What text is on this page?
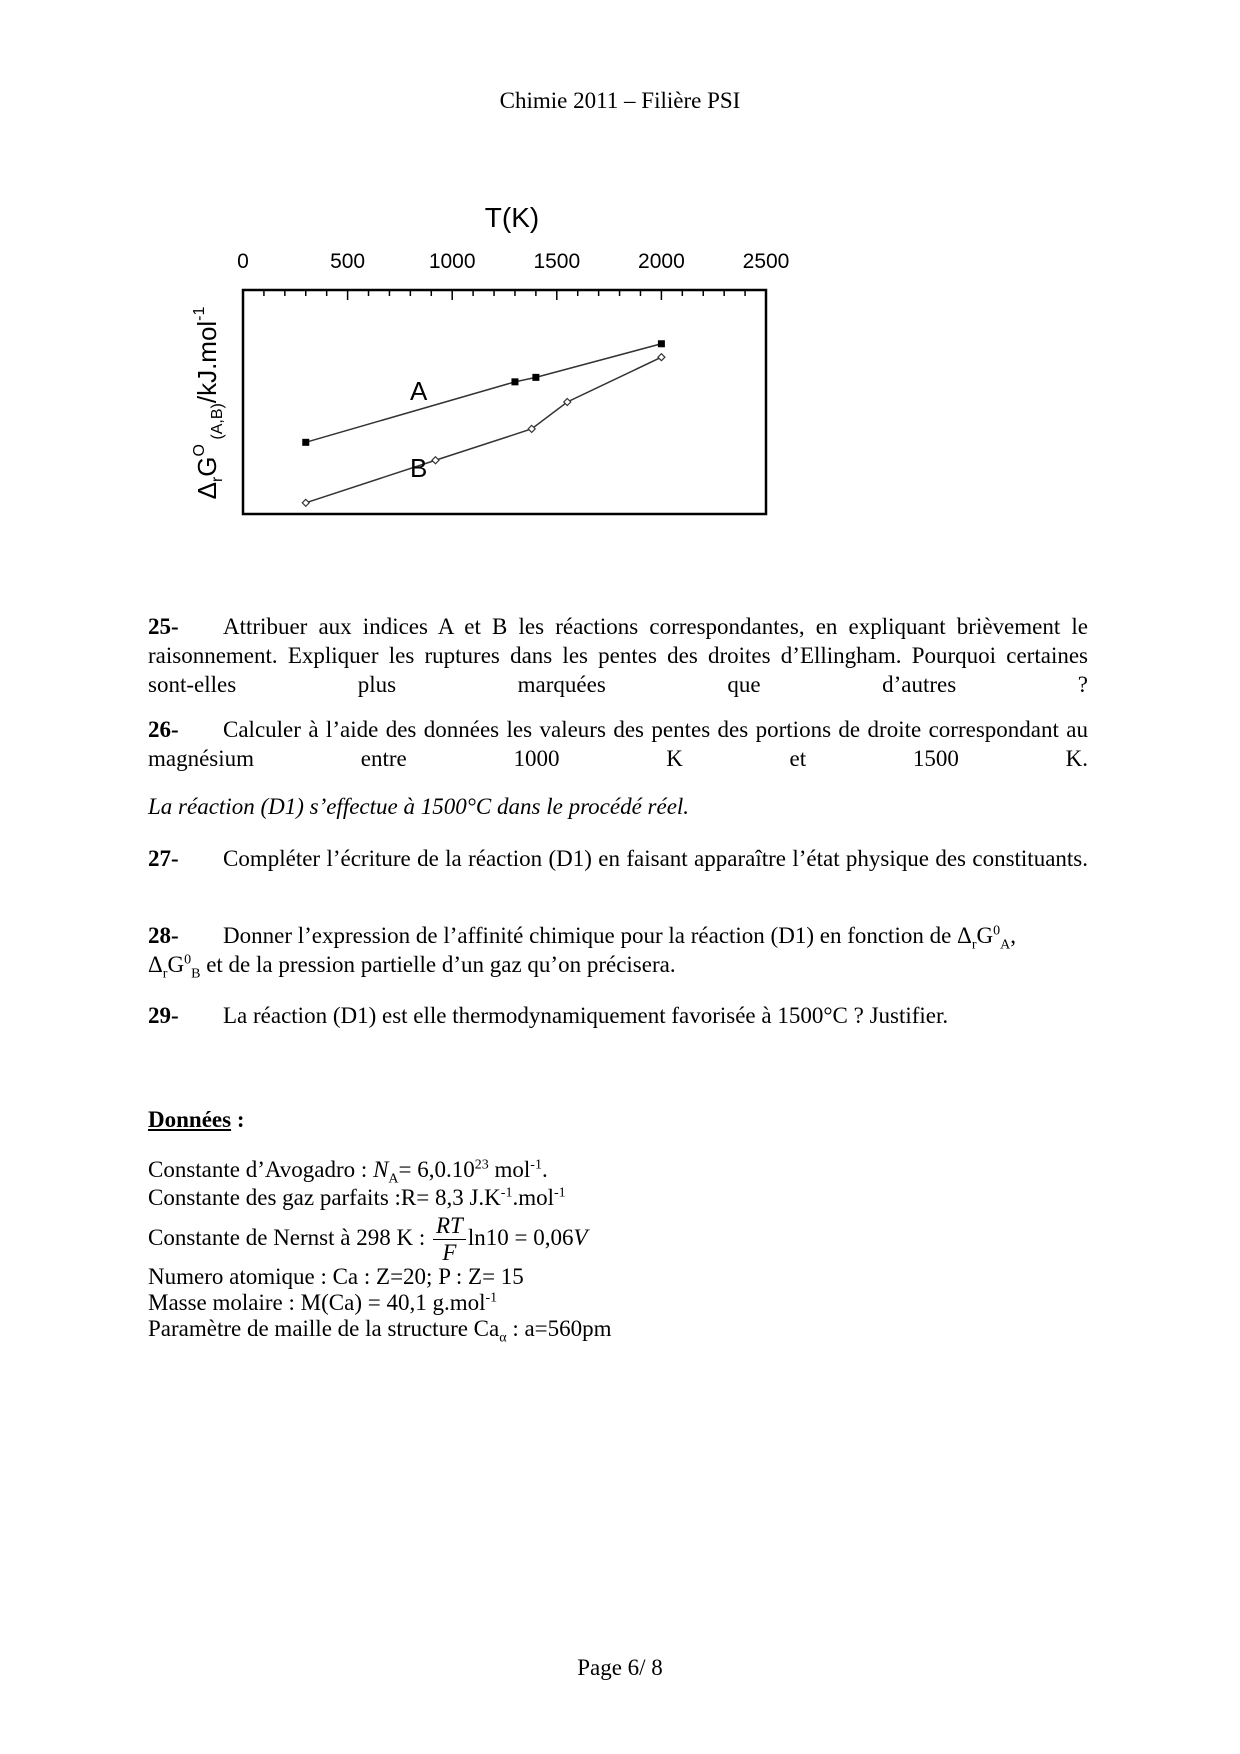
Chimie 2011 – Filière PSI
T(K)
0	500	1000	1500	2000	2500
A
B
$\Delta_rG^O$ $_{(A,B)}$/kJ.mol$^{-1}$
25- Attribuer aux indices A et B les réactions correspondantes, en expliquant brièvement le raisonnement. Expliquer les ruptures dans les pentes des droites d’Ellingham. Pourquoi certaines sont-elles plus marquées que d’autres ?
26- Calculer à l’aide des données les valeurs des pentes des portions de droite correspondant au magnésium entre 1000 K et 1500 K.
La réaction (D1) s’effectue à 1500°C dans le procédé réel.
27- Compléter l’écriture de la réaction (D1) en faisant apparaître l’état physique des constituants.
28- Donner l’expression de l’affinité chimique pour la réaction (D1) en fonction de $\Delta_rG^0_A$,
$\Delta_rG^0_B$ et de la pression partielle d’un gaz qu’on précisera.
29- La réaction (D1) est elle thermodynamiquement favorisée à 1500°C ? Justifier.
Données :
Constante d’Avogadro : $N_A= 6,0.10^{23}$ mol$^{-1}$.
Constante des gaz parfaits :R= 8,3 $J.K^{-1}.mol^{-1}$
Constante de Nernst à 298 K : $\frac{RT}{F} \ln 10 = 0,06V$
Numero atomique : Ca : Z=20; P : Z= 15
Masse molaire : M(Ca) = 40,1 g.mol$^{-1}$
Paramètre de maille de la structure $Ca_\alpha$ : a=560pm
Page 6/ 8
